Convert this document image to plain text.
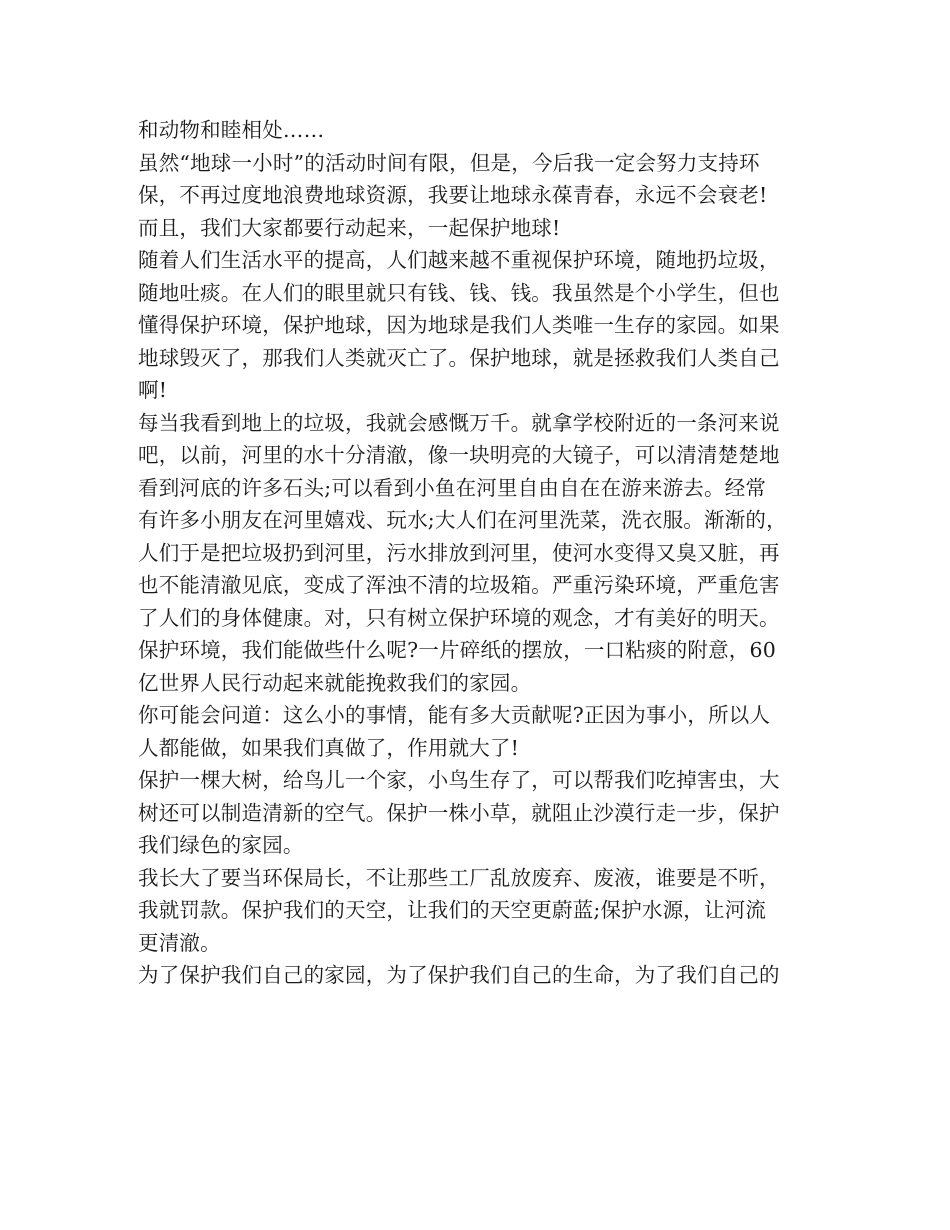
和动物和睦相处……
虽然“地球一小时”的活动时间有限，但是，今后我一定会努力支持环
保，不再过度地浪费地球资源，我要让地球永葆青春，永远不会衰老!
而且，我们大家都要行动起来，一起保护地球!
随着人们生活水平的提高，人们越来越不重视保护环境，随地扔垃圾，
随地吐痰。在人们的眼里就只有钱、钱、钱。我虽然是个小学生，但也
懂得保护环境，保护地球，因为地球是我们人类唯一生存的家园。如果
地球毁灭了，那我们人类就灭亡了。保护地球，就是拯救我们人类自己
啊!
每当我看到地上的垃圾，我就会感慨万千。就拿学校附近的一条河来说
吧，以前，河里的水十分清澈，像一块明亮的大镜子，可以清清楚楚地
看到河底的许多石头;可以看到小鱼在河里自由自在在游来游去。经常
有许多小朋友在河里嬉戏、玩水;大人们在河里洗菜，洗衣服。渐渐的，
人们于是把垃圾扔到河里，污水排放到河里，使河水变得又臭又脏，再
也不能清澈见底，变成了浑浊不清的垃圾箱。严重污染环境，严重危害
了人们的身体健康。对，只有树立保护环境的观念，才有美好的明天。
保护环境，我们能做些什么呢?一片碎纸的摆放，一口粘痰的附意，60
亿世界人民行动起来就能挽救我们的家园。
你可能会问道：这么小的事情，能有多大贡献呢?正因为事小，所以人
人都能做，如果我们真做了，作用就大了!
保护一棵大树，给鸟儿一个家，小鸟生存了，可以帮我们吃掉害虫，大
树还可以制造清新的空气。保护一株小草，就阻止沙漠行走一步，保护
我们绿色的家园。
我长大了要当环保局长，不让那些工厂乱放废弃、废液，谁要是不听，
我就罚款。保护我们的天空，让我们的天空更蔚蓝;保护水源，让河流
更清澈。
为了保护我们自己的家园，为了保护我们自己的生命，为了我们自己的
